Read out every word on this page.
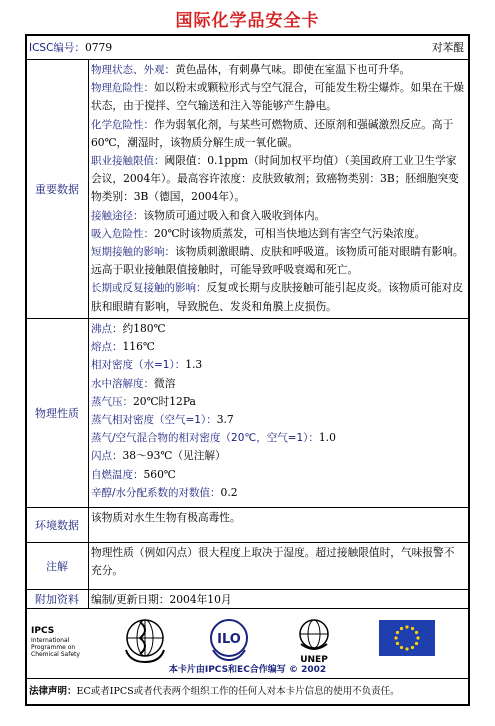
国际化学品安全卡
ICSC编号：0779	对苯醌
重要数据
物理状态、外观：黄色晶体，有刺鼻气味。即使在室温下也可升华。
物理危险性：如以粉末或颗粒形式与空气混合，可能发生粉尘爆炸。如果在干燥状态，由于搅拌、空气输送和注入等能够产生静电。
化学危险性：作为弱氧化剂，与某些可燃物质、还原剂和强碱激烈反应。高于60℃，潮湿时，该物质分解生成一氧化碳。
职业接触限值：阈限值：0.1ppm（时间加权平均值）（美国政府工业卫生学家会议，2004年）。最高容许浓度：皮肤致敏剂；致癌物类别：3B；胚细胞突变物类别：3B（德国，2004年）。
接触途径：该物质可通过吸入和食入吸收到体内。
吸入危险性：20℃时该物质蒸发，可相当快地达到有害空气污染浓度。
短期接触的影响：该物质刺激眼睛、皮肤和呼吸道。该物质可能对眼睛有影响。远高于职业接触限值接触时，可能导致呼吸衰竭和死亡。
长期或反复接触的影响：反复或长期与皮肤接触可能引起皮炎。该物质可能对皮肤和眼睛有影响，导致脱色、发炎和角膜上皮损伤。
物理性质
沸点：约180℃
熔点：116℃
相对密度（水=1）：1.3
水中溶解度：微溶
蒸气压：20℃时12Pa
蒸气相对密度（空气=1）：3.7
蒸气/空气混合物的相对密度（20℃，空气=1）：1.0
闪点：38～93℃（见注解）
自燃温度：560℃
辛醇/水分配系数的对数值：0.2
环境数据
该物质对水生生物有极高毒性。
注解
物理性质（例如闪点）很大程度上取决于湿度。超过接触限值时，气味报警不充分。
附加资料	编制/更新日期：2004年10月
IPCS
International
Programme on
Chemical Safety
ILO
UNEP
本卡片由IPCS和EC合作编写 © 2002
法律声明：EC或者IPCS或者代表两个组织工作的任何人对本卡片信息的使用不负责任。
